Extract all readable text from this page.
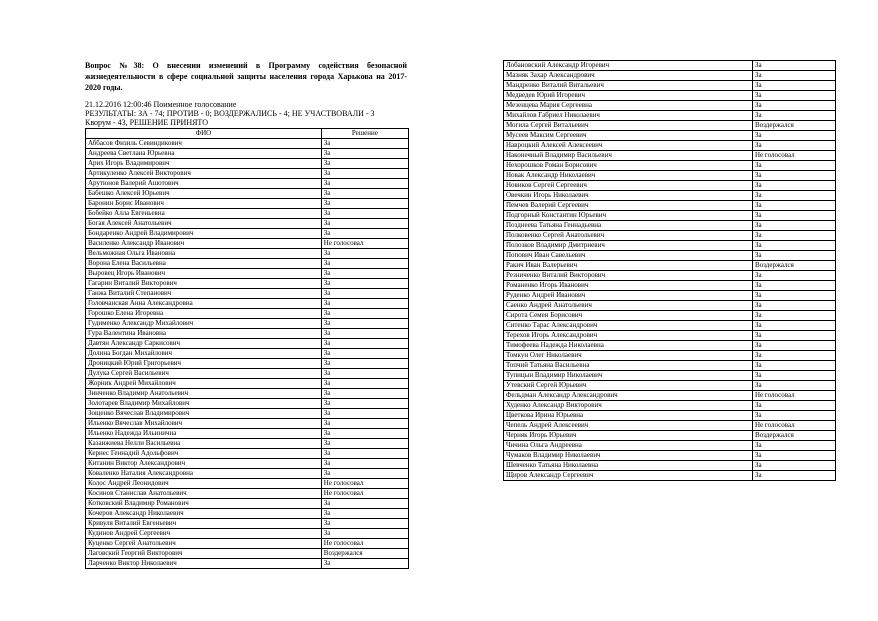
Вопрос №38: О внесении изменений в Программу содействия безопасной жизнедеятельности в сфере социальной защиты населения города Харькова на 2017-2020 годы.
21.12.2016 12:00:46 Поименное голосование
РЕЗУЛЬТАТЫ: ЗА - 74; ПРОТИВ - 0; ВОЗДЕРЖАЛИСЬ - 4; НЕ УЧАСТВОВАЛИ - 3
Кворум - 43, РЕШЕНИЕ ПРИНЯТО
ФИО	Решение
Аббасов Физиль Севиндикович	За
Андреева Светлана Юрьевна	За
Арих Игорь Владимирович	За
Артикуленко Алексей Викторович	За
Арутюнов Валерий Ашотович	За
Бабешко Алексей Юрьевич	За
Баронин Борис Иванович	За
Бобейко Алла Евгеньевна	За
Богая Алексей Анатольевич	За
Бондаренко Андрей Владимирович	За
Василенко Александр Иванович	Не голосовал
Вельможная Ольга Ивановна	За
Ворона Елена Васильевна	За
Выровец Игорь Иванович	За
Гагарин Виталий Викторович	За
Ганжа Виталий Степанович	За
Головчанская Анна Александровна	За
Горошко Елена Игоревна	За
Гудименко Александр Михайлович	За
Гура Валентина Ивановна	За
Давтян Александр Саркисович	За
Долина Богдан Михайлович	За
Дроницкий Юрий Григорьевич	За
Дулука Сергей Васильевич	За
Жорник Андрей Михайлович	За
Зинченко Владимир Анатольевич	За
Золотарев Владимир Михайлович	За
Зощенко Вячеслав Владимирович	За
Ильенко Вячеслав Михайлович	За
Ильенко Надежда Ильинична	За
Казанжиева Нелли Васильевна	За
Кернес Геннадий Адольфович	За
Китанин Виктор Александрович	За
Коваленко Наталия Александровна	За
Колос Андрей Леонидович	Не голосовал
Косинов Станислав Анатольевич	Не голосовал
Котковский Владимир Романович	За
Кочеров Александр Николаевич	За
Кривуля Виталий Евгеньевич	За
Кудинов Андрей Сергеевич	За
Куценко Сергей Анатольевич	Не голосовал
Лаговский Георгий Викторович	Воздержался
Ларченко Виктор Николаевич	За
Лобановский Александр Игоревич	За
Мазняк Захар Александрович	За
Мандренко Виталий Витальевич	За
Медведев Юрий Игоревич	За
Мезенцева Мария Сергеевна	За
Михайлов Габриел Николаевич	За
Могила Сергей Витальевич	Воздержался
Мусеев Максим Сергеевич	За
Навроцкий Алексей Алексеевич	За
Наконечный Владимир Васильевич	Не голосовал
Нехорошков Роман Борисович	За
Новак Александр Николаевич	За
Новиков Сергей Сергеевич	За
Овечкин Игорь Николаевич	За
Пемчев Валерий Сергеевич	За
Подгорный Константин Юрьевич	За
Позднеева Татьяна Геннадьевна	За
Полковенко Сергей Анатольевич	За
Полозков Владимир Дмитриевич	За
Попович Иван Савельевич	За
Ракич Иван Валерьевич	Воздержался
Резниченко Виталий Викторович	За
Романенко Игорь Иванович	За
Руденко Андрей Иванович	За
Саенко Андрей Анатольевич	За
Сирота Семен Борисович	За
Ситенко Тарас Александрович	За
Терехов Игорь Александрович	За
Тимофеева Надежда Николаевна	За
Томкун Олег Николаевич	За
Топчий Татьяна Васильевна	За
Тупицын Владимир Николаевич	За
Утевский Сергей Юрьевич	За
Фельдман Александр Александрович	Не голосовал
Худенко Александр Викторович	За
Цветкова Ирина Юрьевна	За
Чепель Андрей Алексеевич	Не голосовал
Черняк Игорь Юрьевич	Воздержался
Чичина Ольга Андреевна	За
Чумаков Владимир Николаевич	За
Шевченко Татьяна Николаевна	За
Щиров Александр Сергеевич	За
